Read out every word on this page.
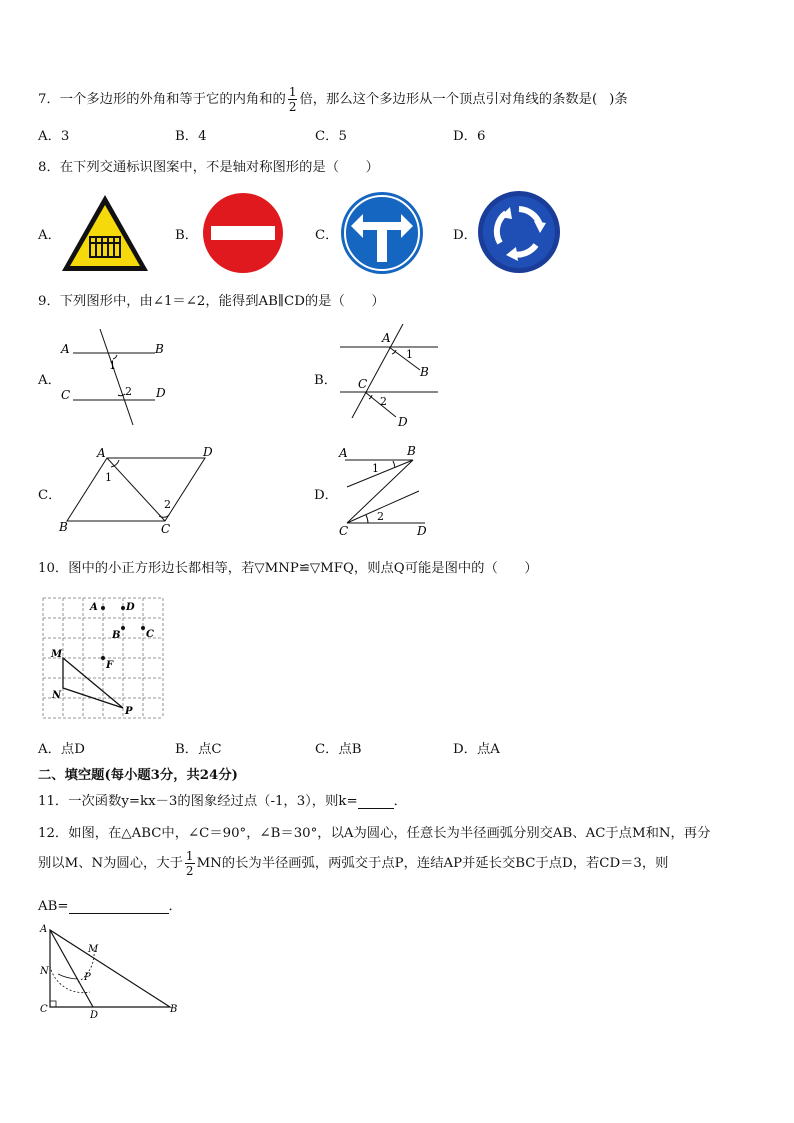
7．一个多边形的外角和等于它的内角和的 $\frac{1}{2}$ 倍，那么这个多边形从一个顶点引对角线的条数是( )条
A．3	B．4	C．5	D．6
8．在下列交通标识图案中，不是轴对称图形的是（　　）
A．	B．	C．	D．
9．下列图形中，由∠1＝∠2，能得到AB∥CD的是（　　）
A．	B．
C．	D．
A	B
C	D
1
2
A
B
C
D
1
2
A	D
B	C
1
2
A	B
C	D
1
2
10．图中的小正方形边长都相等，若▽MNP≌▽MFQ，则点Q可能是图中的（　　）
A	D
B	C
M
F
N
P
A．点D	B．点C	C．点B	D．点A
二、填空题(每小题3分，共24分)
11．一次函数y=kx－3的图象经过点（-1，3），则k=	．
12．如图，在△ABC中，∠C＝90°，∠B＝30°，以A为圆心，任意长为半径画弧分别交AB、AC于点M和N，再分
别以M、N为圆心，大于 $\frac{1}{2}$ MN的长为半径画弧，两弧交于点P，连结AP并延长交BC于点D，若CD＝3，则
AB=	．
A
M
N
P
C
D
B
